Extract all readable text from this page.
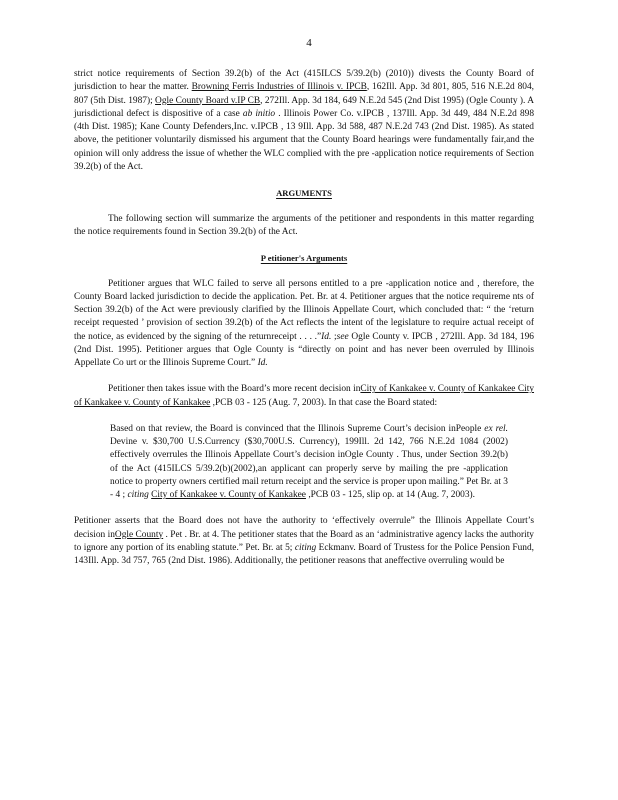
4

strict notice requirements of Section 39.2(b) of the Act (415ILCS 5/39.2(b) (2010)) divests the County Board of jurisdiction to hear the matter. Browning Ferris Industries of Illinois v. IPCB, 162Ill. App. 3d 801, 805, 516 N.E.2d 804, 807 (5th Dist. 1987); Ogle County Board v.IP CB, 272Ill. App. 3d 184, 649 N.E.2d 545 (2nd Dist 1995) (Ogle County ). A jurisdictional defect is dispositive of a case ab initio . Illinois Power Co. v.IPCB , 137Ill. App. 3d 449, 484 N.E.2d 898 (4th Dist. 1985); Kane County Defenders,Inc. v.IPCB , 13 9Ill. App. 3d 588, 487 N.E.2d 743 (2nd Dist. 1985). As stated above, the petitioner voluntarily dismissed his argument that the County Board hearings were fundamentally fair,and the opinion will only address the issue of whether the WLC complied with the pre -application notice requirements of Section 39.2(b) of the Act.

ARGUMENTS

The following section will summarize the arguments of the petitioner and respondents in this matter regarding the notice requirements found in Section 39.2(b) of the Act.

P etitioner's Arguments

Petitioner argues that WLC failed to serve all persons entitled to a pre -application notice and , therefore, the County Board lacked jurisdiction to decide the application. Pet. Br. at 4. Petitioner argues that the notice requireme nts of Section 39.2(b) of the Act were previously clarified by the Illinois Appellate Court, which concluded that: “ the ‘return receipt requested ’ provision of section 39.2(b) of the Act reflects the intent of the legislature to require actual receipt of the notice, as evidenced by the signing of the returnreceipt . . . .”Id. ;see Ogle County v. IPCB , 272Ill. App. 3d 184, 196 (2nd Dist. 1995). Petitioner argues that Ogle County is “directly on point and has never been overruled by Illinois Appellate Co urt or the Illinois Supreme Court.” Id.

Petitioner then takes issue with the Board’s more recent decision inCity of Kankakee v. County of Kankakee City of Kankakee v. County of Kankakee ,PCB 03 - 125 (Aug. 7, 2003). In that case the Board stated:

Based on that review, the Board is convinced that the Illinois Supreme Court’s decision inPeople ex rel. Devine v. $30,700 U.S.Currency ($30,700U.S. Currency), 199Ill. 2d 142, 766 N.E.2d 1084 (2002) effectively overrules the Illinois Appellate Court’s decision inOgle County . Thus, under Section 39.2(b) of the Act (415ILCS 5/39.2(b)(2002),an applicant can properly serve by mailing the pre -application notice to property owners certified mail return receipt and the service is proper upon mailing.” Pet Br. at 3 - 4 ; citing City of Kankakee v. County of Kankakee ,PCB 03 - 125, slip op. at 14 (Aug. 7, 2003).

Petitioner asserts that the Board does not have the authority to ‘effectively overrule” the Illinois Appellate Court’s decision inOgle County . Pet . Br. at 4. The petitioner states that the Board as an ‘administrative agency lacks the authority to ignore any portion of its enabling statute.” Pet. Br. at 5; citing Eckmanv. Board of Trustess for the Police Pension Fund, 143Ill. App. 3d 757, 765 (2nd Dist. 1986). Additionally, the petitioner reasons that aneffective overruling would be
